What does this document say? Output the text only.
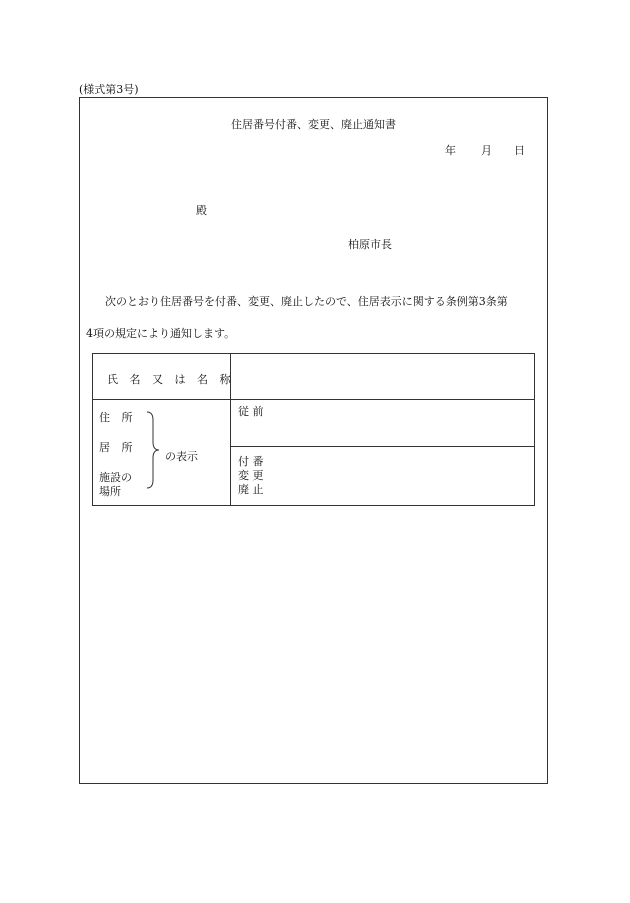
(様式第3号)
住居番号付番、変更、廃止通知書
年 月 日
殿
柏原市長
次のとおり住居番号を付番、変更、廃止したので、住居表示に関する条例第3条第
4項の規定により通知します。
氏 名 又 は 名 称
住 所
居 所
施設の
場所
の表示
従 前
付 番
変 更
廃 止
